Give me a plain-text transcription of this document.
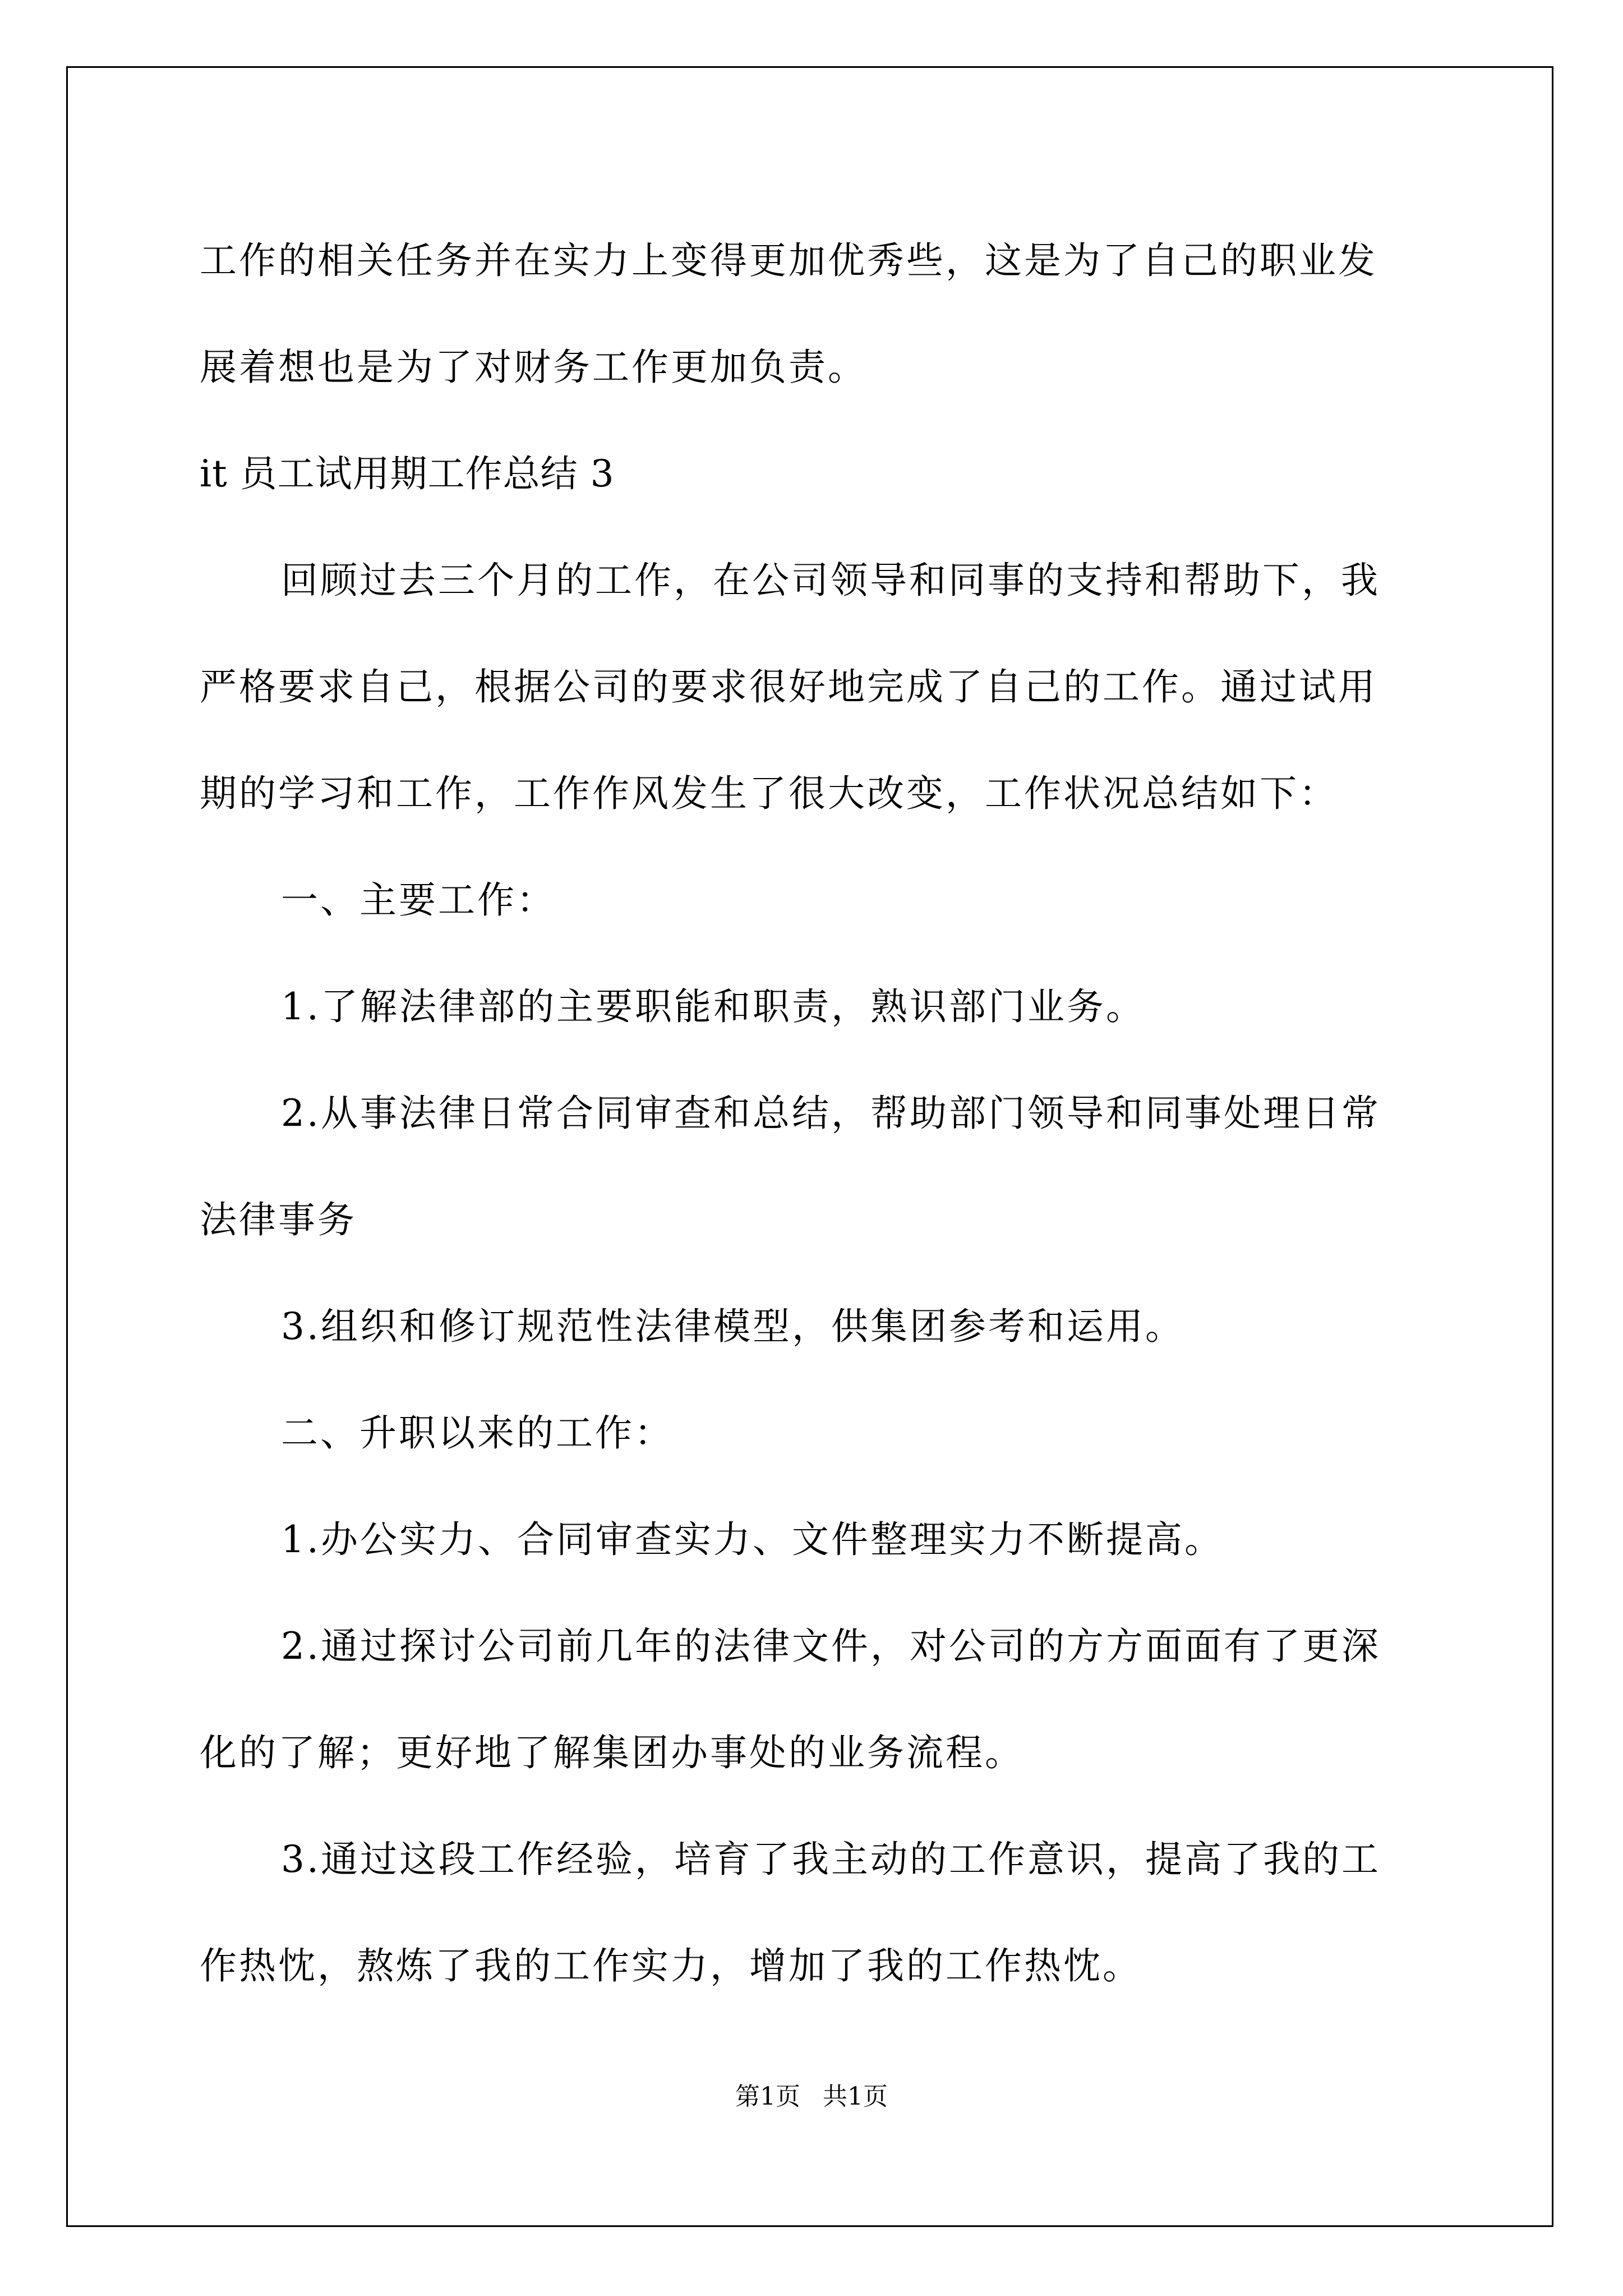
工作的相关任务并在实力上变得更加优秀些，这是为了自己的职业发
展着想也是为了对财务工作更加负责。
it 员工试用期工作总结 3
回顾过去三个月的工作，在公司领导和同事的支持和帮助下，我
严格要求自己，根据公司的要求很好地完成了自己的工作。通过试用
期的学习和工作，工作作风发生了很大改变，工作状况总结如下：
一、主要工作：
1.了解法律部的主要职能和职责，熟识部门业务。
2.从事法律日常合同审查和总结，帮助部门领导和同事处理日常
法律事务
3.组织和修订规范性法律模型，供集团参考和运用。
二、升职以来的工作：
1.办公实力、合同审查实力、文件整理实力不断提高。
2.通过探讨公司前几年的法律文件，对公司的方方面面有了更深
化的了解；更好地了解集团办事处的业务流程。
3.通过这段工作经验，培育了我主动的工作意识，提高了我的工
作热忱，熬炼了我的工作实力，增加了我的工作热忱。
第1页 共1页
